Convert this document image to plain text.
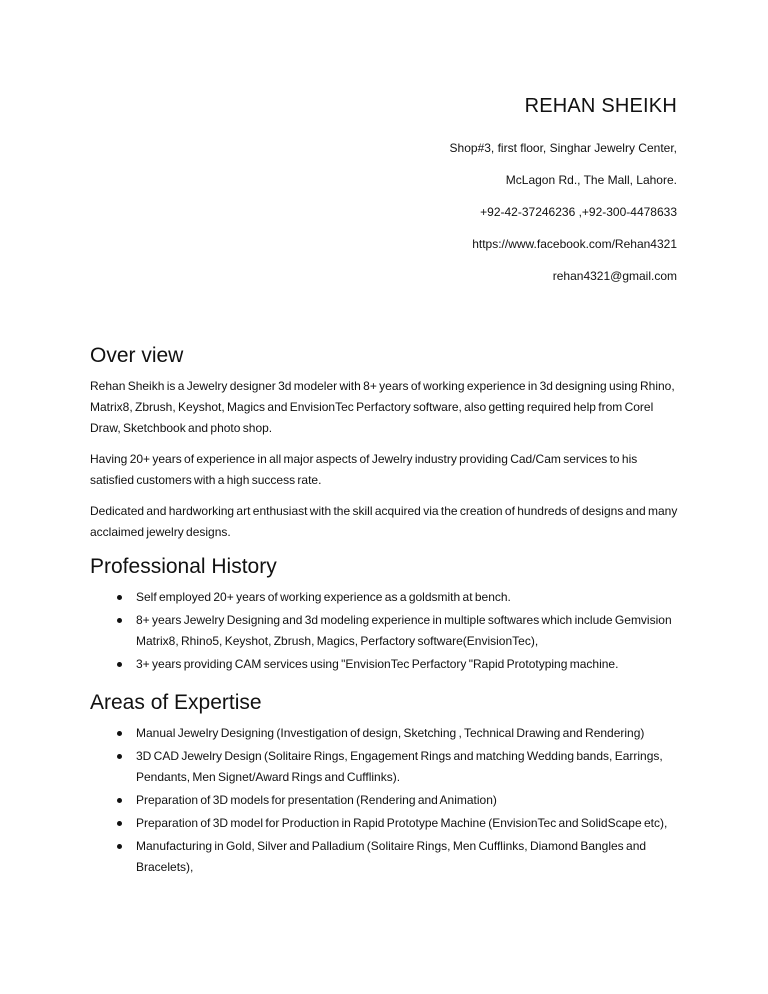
REHAN SHEIKH
Shop#3, first floor, Singhar Jewelry Center,
McLagon Rd., The Mall, Lahore.
+92-42-37246236 ,+92-300-4478633
https://www.facebook.com/Rehan4321
rehan4321@gmail.com
Over view

Rehan Sheikh is a Jewelry designer 3d modeler with 8+ years of working experience in 3d designing using Rhino, Matrix8, Zbrush, Keyshot, Magics and EnvisionTec Perfactory software, also getting required help from Corel Draw, Sketchbook and photo shop.

Having 20+ years of experience in all major aspects of Jewelry industry providing Cad/Cam services to his satisfied customers with a high success rate.

Dedicated and hardworking art enthusiast with the skill acquired via the creation of hundreds of designs and many acclaimed jewelry designs.

Professional History
Self employed 20+ years of working experience as a goldsmith at bench.
8+ years Jewelry Designing and 3d modeling experience in multiple softwares which include Gemvision Matrix8, Rhino5, Keyshot, Zbrush, Magics, Perfactory software(EnvisionTec),
3+ years providing CAM services using "EnvisionTec Perfactory "Rapid Prototyping machine.
Areas of Expertise
Manual Jewelry Designing (Investigation of design, Sketching , Technical Drawing and Rendering)
3D CAD Jewelry Design (Solitaire Rings, Engagement Rings and matching Wedding bands, Earrings, Pendants, Men Signet/Award Rings and Cufflinks).
Preparation of 3D models for presentation (Rendering and Animation)
Preparation of 3D model for Production in Rapid Prototype Machine (EnvisionTec and SolidScape etc),
Manufacturing in Gold, Silver and Palladium (Solitaire Rings, Men Cufflinks, Diamond Bangles and Bracelets),
